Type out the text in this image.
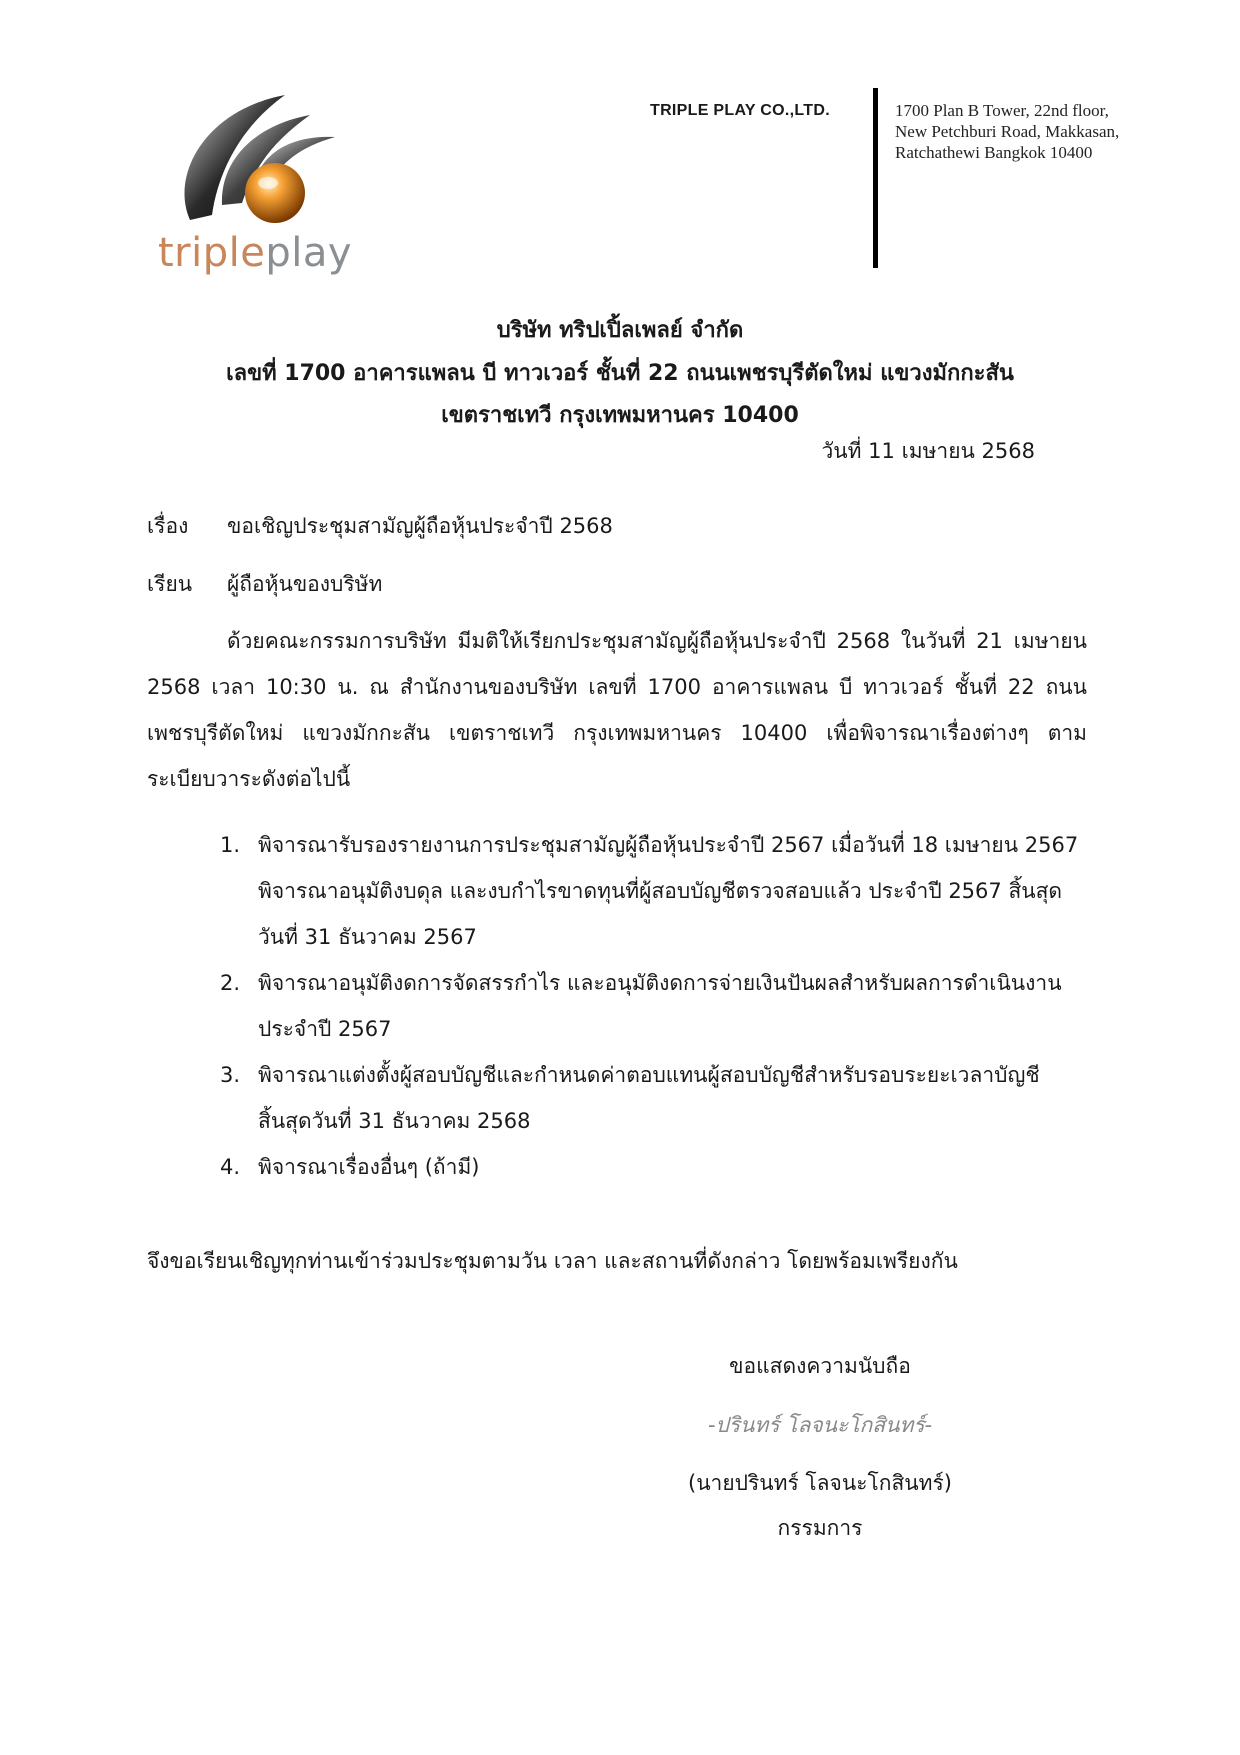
tripleplay
TRIPLE PLAY CO.,LTD.	1700 Plan B Tower, 22nd floor,
New Petchburi Road, Makkasan,
Ratchathewi Bangkok 10400
บริษัท ทริปเปิ้ลเพลย์ จำกัด
เลขที่ 1700 อาคารแพลน บี ทาวเวอร์ ชั้นที่ 22 ถนนเพชรบุรีตัดใหม่ แขวงมักกะสัน
เขตราชเทวี กรุงเทพมหานคร 10400
วันที่ 11 เมษายน 2568
เรื่อง ขอเชิญประชุมสามัญผู้ถือหุ้นประจำปี 2568
เรียน ผู้ถือหุ้นของบริษัท
ด้วยคณะกรรมการบริษัท มีมติให้เรียกประชุมสามัญผู้ถือหุ้นประจำปี 2568 ในวันที่ 21 เมษายน 2568 เวลา 10:30 น. ณ สำนักงานของบริษัท เลขที่ 1700 อาคารแพลน บี ทาวเวอร์ ชั้นที่ 22 ถนนเพชรบุรีตัดใหม่ แขวงมักกะสัน เขตราชเทวี กรุงเทพมหานคร 10400 เพื่อพิจารณาเรื่องต่างๆ ตามระเบียบวาระดังต่อไปนี้
1. พิจารณารับรองรายงานการประชุมสามัญผู้ถือหุ้นประจำปี 2567 เมื่อวันที่ 18 เมษายน 2567
พิจารณาอนุมัติงบดุล และงบกำไรขาดทุนที่ผู้สอบบัญชีตรวจสอบแล้ว ประจำปี 2567 สิ้นสุด
วันที่ 31 ธันวาคม 2567
2. พิจารณาอนุมัติงดการจัดสรรกำไร และอนุมัติงดการจ่ายเงินปันผลสำหรับผลการดำเนินงาน
ประจำปี 2567
3. พิจารณาแต่งตั้งผู้สอบบัญชีและกำหนดค่าตอบแทนผู้สอบบัญชีสำหรับรอบระยะเวลาบัญชี
สิ้นสุดวันที่ 31 ธันวาคม 2568
4. พิจารณาเรื่องอื่นๆ (ถ้ามี)
จึงขอเรียนเชิญทุกท่านเข้าร่วมประชุมตามวัน เวลา และสถานที่ดังกล่าว โดยพร้อมเพรียงกัน
ขอแสดงความนับถือ
-ปรินทร์ โลจนะโกสินทร์-
(นายปรินทร์ โลจนะโกสินทร์)
กรรมการ
